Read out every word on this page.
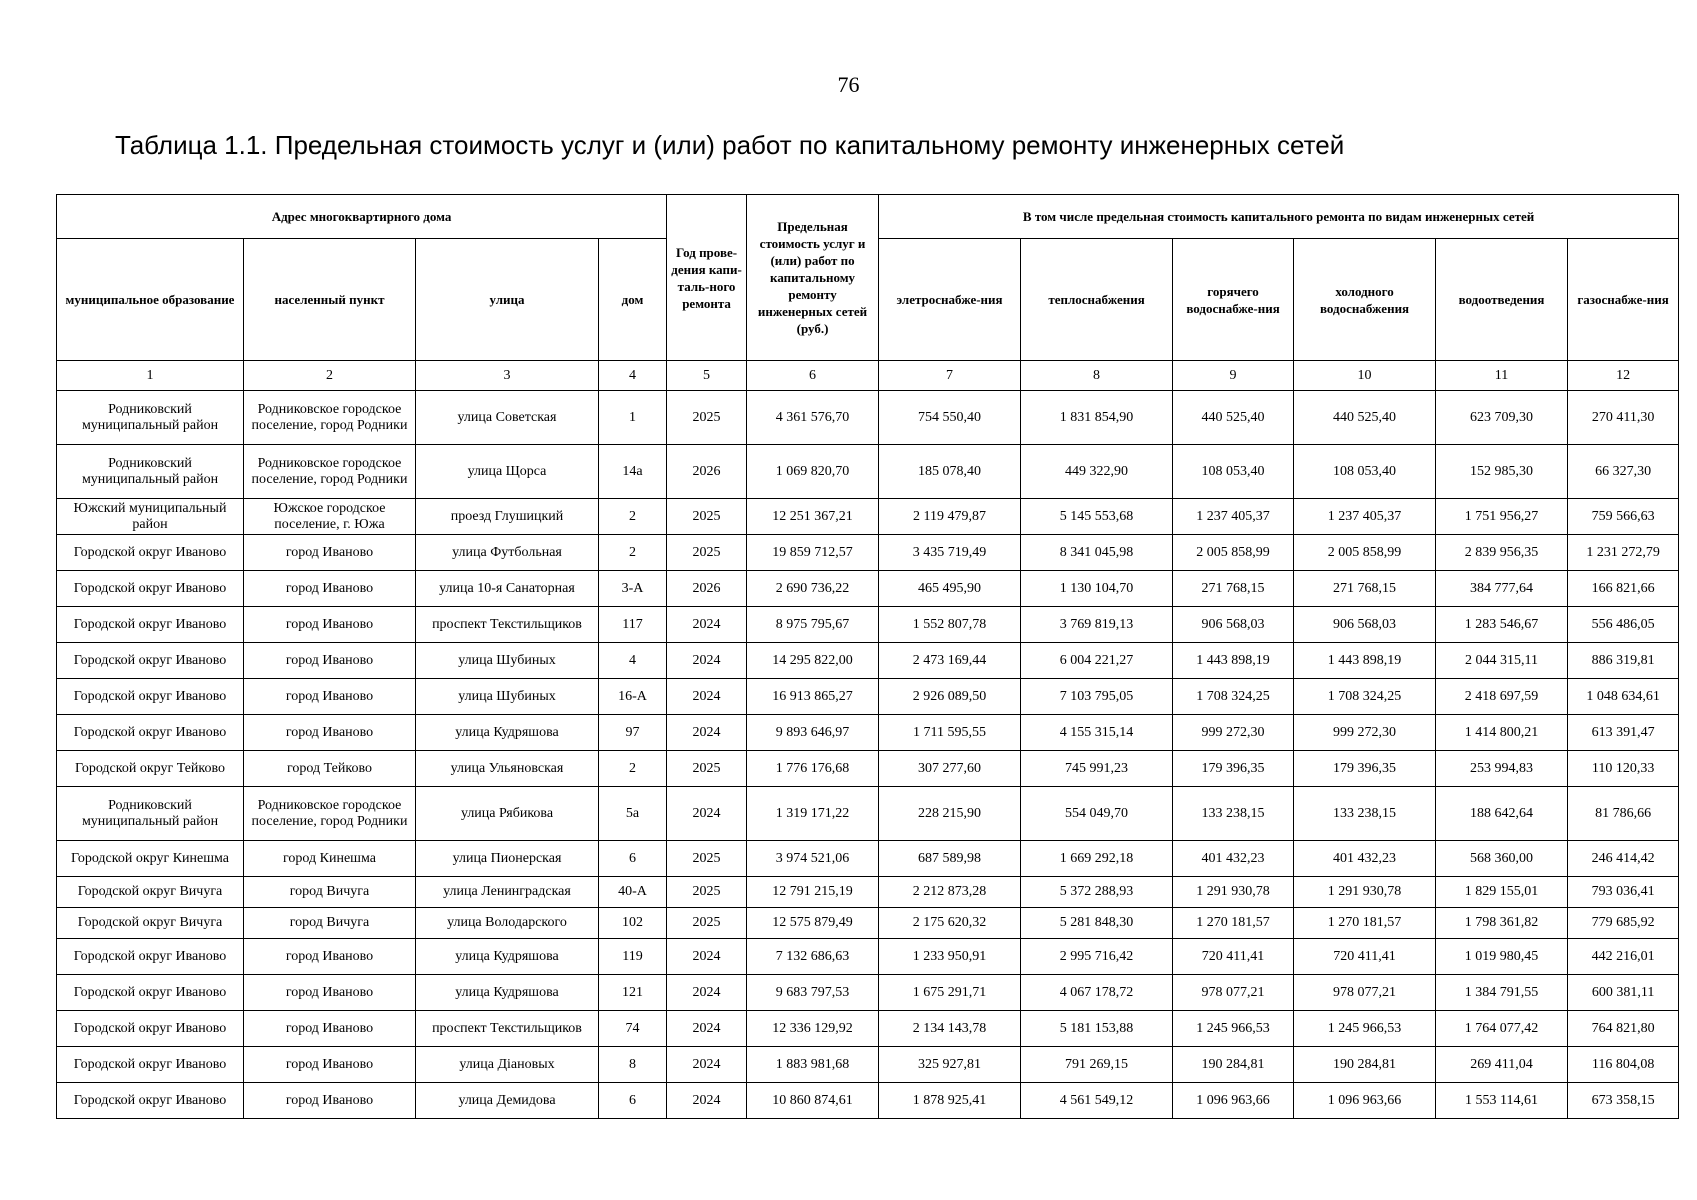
76
Таблица 1.1. Предельная стоимость услуг и (или) работ по капитальному ремонту инженерных сетей
Адрес многоквартирного дома				Год прове-дения капи-таль-ного ремонта	Предельная стоимость услуг и (или) работ по капитальному ремонту инженерных сетей (руб.)	В том числе предельная стоимость капитального ремонта по видам инженерных сетей					
муниципальное образование	населенный пункт	улица	дом			элетроснабже-ния	теплоснабжения	горячего водоснабже-ния	холодного водоснабжения	водоотведения	газоснабже-ния
1	2	3	4	5	6	7	8	9	10	11	12
Родниковский муниципальный район	Родниковское городское поселение, город Родники	улица Советская	1	2025	4 361 576,70	754 550,40	1 831 854,90	440 525,40	440 525,40	623 709,30	270 411,30
Родниковский муниципальный район	Родниковское городское поселение, город Родники	улица Щорса	14а	2026	1 069 820,70	185 078,40	449 322,90	108 053,40	108 053,40	152 985,30	66 327,30
Южский муниципальный район	Южское городское поселение, г. Южа	проезд Глушицкий	2	2025	12 251 367,21	2 119 479,87	5 145 553,68	1 237 405,37	1 237 405,37	1 751 956,27	759 566,63
Городской округ Иваново	город Иваново	улица Футбольная	2	2025	19 859 712,57	3 435 719,49	8 341 045,98	2 005 858,99	2 005 858,99	2 839 956,35	1 231 272,79
Городской округ Иваново	город Иваново	улица 10-я Санаторная	3-А	2026	2 690 736,22	465 495,90	1 130 104,70	271 768,15	271 768,15	384 777,64	166 821,66
Городской округ Иваново	город Иваново	проспект Текстильщиков	117	2024	8 975 795,67	1 552 807,78	3 769 819,13	906 568,03	906 568,03	1 283 546,67	556 486,05
Городской округ Иваново	город Иваново	улица Шубиных	4	2024	14 295 822,00	2 473 169,44	6 004 221,27	1 443 898,19	1 443 898,19	2 044 315,11	886 319,81
Городской округ Иваново	город Иваново	улица Шубиных	16-А	2024	16 913 865,27	2 926 089,50	7 103 795,05	1 708 324,25	1 708 324,25	2 418 697,59	1 048 634,61
Городской округ Иваново	город Иваново	улица Кудряшова	97	2024	9 893 646,97	1 711 595,55	4 155 315,14	999 272,30	999 272,30	1 414 800,21	613 391,47
Городской округ Тейково	город Тейково	улица Ульяновская	2	2025	1 776 176,68	307 277,60	745 991,23	179 396,35	179 396,35	253 994,83	110 120,33
Родниковский муниципальный район	Родниковское городское поселение, город Родники	улица Рябикова	5а	2024	1 319 171,22	228 215,90	554 049,70	133 238,15	133 238,15	188 642,64	81 786,66
Городской округ Кинешма	город Кинешма	улица Пионерская	6	2025	3 974 521,06	687 589,98	1 669 292,18	401 432,23	401 432,23	568 360,00	246 414,42
Городской округ Вичуга	город Вичуга	улица Ленинградская	40-А	2025	12 791 215,19	2 212 873,28	5 372 288,93	1 291 930,78	1 291 930,78	1 829 155,01	793 036,41
Городской округ Вичуга	город Вичуга	улица Володарского	102	2025	12 575 879,49	2 175 620,32	5 281 848,30	1 270 181,57	1 270 181,57	1 798 361,82	779 685,92
Городской округ Иваново	город Иваново	улица Кудряшова	119	2024	7 132 686,63	1 233 950,91	2 995 716,42	720 411,41	720 411,41	1 019 980,45	442 216,01
Городской округ Иваново	город Иваново	улица Кудряшова	121	2024	9 683 797,53	1 675 291,71	4 067 178,72	978 077,21	978 077,21	1 384 791,55	600 381,11
Городской округ Иваново	город Иваново	проспект Текстильщиков	74	2024	12 336 129,92	2 134 143,78	5 181 153,88	1 245 966,53	1 245 966,53	1 764 077,42	764 821,80
Городской округ Иваново	город Иваново	улица Дiановых	8	2024	1 883 981,68	325 927,81	791 269,15	190 284,81	190 284,81	269 411,04	116 804,08
Городской округ Иваново	город Иваново	улица Демидова	6	2024	10 860 874,61	1 878 925,41	4 561 549,12	1 096 963,66	1 096 963,66	1 553 114,61	673 358,15
